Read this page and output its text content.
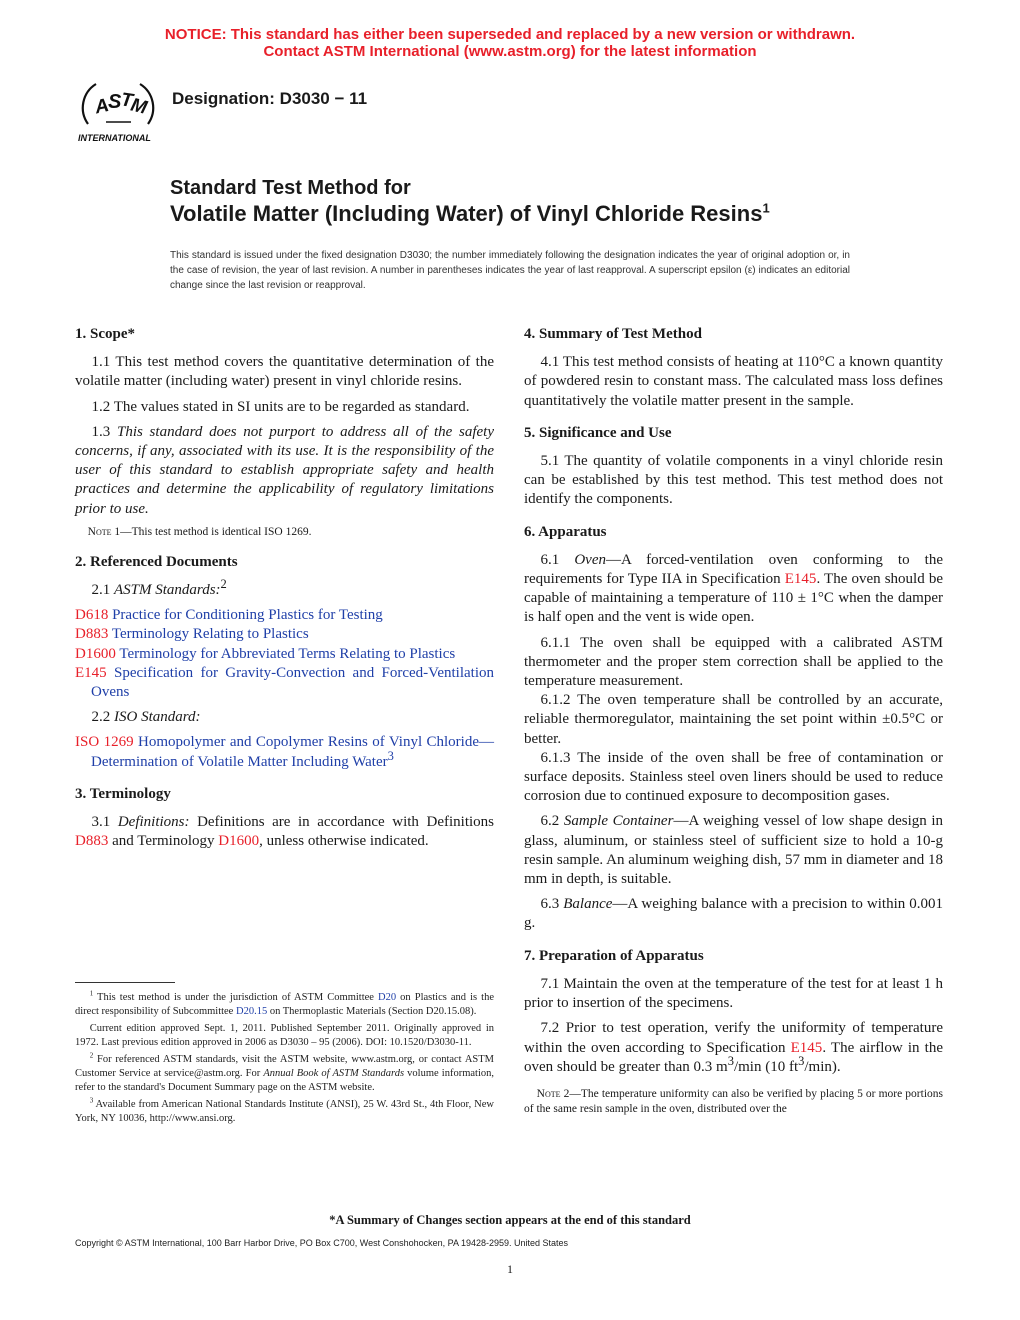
NOTICE: This standard has either been superseded and replaced by a new version or withdrawn.
Contact ASTM International (www.astm.org) for the latest information
A
S
T
M
INTERNATIONAL
Designation: D3030 − 11
Standard Test Method for
Volatile Matter (Including Water) of Vinyl Chloride Resins$^1$
This standard is issued under the fixed designation D3030; the number immediately following the designation indicates the year of original adoption or, in the case of revision, the year of last revision. A number in parentheses indicates the year of last reapproval. A superscript epsilon (ε) indicates an editorial change since the last revision or reapproval.

1. Scope*

1.1 This test method covers the quantitative determination of the volatile matter (including water) present in vinyl chloride resins.

1.2 The values stated in SI units are to be regarded as standard.

1.3 This standard does not purport to address all of the safety concerns, if any, associated with its use. It is the responsibility of the user of this standard to establish appropriate safety and health practices and determine the applicability of regulatory limitations prior to use.

Note 1—This test method is identical ISO 1269.

2. Referenced Documents

2.1 ASTM Standards:$^2$

D618 Practice for Conditioning Plastics for Testing

D883 Terminology Relating to Plastics

D1600 Terminology for Abbreviated Terms Relating to Plastics

E145 Specification for Gravity-Convection and Forced-Ventilation Ovens

2.2 ISO Standard:

ISO 1269 Homopolymer and Copolymer Resins of Vinyl Chloride—Determination of Volatile Matter Including Water$^3$

3. Terminology

3.1 Definitions: Definitions are in accordance with Definitions D883 and Terminology D1600, unless otherwise indicated.

$^1$ This test method is under the jurisdiction of ASTM Committee D20 on Plastics and is the direct responsibility of Subcommittee D20.15 on Thermoplastic Materials (Section D20.15.08).

Current edition approved Sept. 1, 2011. Published September 2011. Originally approved in 1972. Last previous edition approved in 2006 as D3030 – 95 (2006). DOI: 10.1520/D3030-11.

$^2$ For referenced ASTM standards, visit the ASTM website, www.astm.org, or contact ASTM Customer Service at service@astm.org. For Annual Book of ASTM Standards volume information, refer to the standard's Document Summary page on the ASTM website.

$^3$ Available from American National Standards Institute (ANSI), 25 W. 43rd St., 4th Floor, New York, NY 10036, http://www.ansi.org.

4. Summary of Test Method

4.1 This test method consists of heating at 110°C a known quantity of powdered resin to constant mass. The calculated mass loss defines quantitatively the volatile matter present in the sample.

5. Significance and Use

5.1 The quantity of volatile components in a vinyl chloride resin can be established by this test method. This test method does not identify the components.

6. Apparatus

6.1 Oven—A forced-ventilation oven conforming to the requirements for Type IIA in Specification E145. The oven should be capable of maintaining a temperature of 110 ± 1°C when the damper is half open and the vent is wide open.

6.1.1 The oven shall be equipped with a calibrated ASTM thermometer and the proper stem correction shall be applied to the temperature measurement.

6.1.2 The oven temperature shall be controlled by an accurate, reliable thermoregulator, maintaining the set point within ±0.5°C or better.

6.1.3 The inside of the oven shall be free of contamination or surface deposits. Stainless steel oven liners should be used to reduce corrosion due to continued exposure to decomposition gases.

6.2 Sample Container—A weighing vessel of low shape design in glass, aluminum, or stainless steel of sufficient size to hold a 10-g resin sample. An aluminum weighing dish, 57 mm in diameter and 18 mm in depth, is suitable.

6.3 Balance—A weighing balance with a precision to within 0.001 g.

7. Preparation of Apparatus

7.1 Maintain the oven at the temperature of the test for at least 1 h prior to insertion of the specimens.

7.2 Prior to test operation, verify the uniformity of temperature within the oven according to Specification E145. The airflow in the oven should be greater than 0.3 $m^3/\min$ (10 $ft^3/\min$).

Note 2—The temperature uniformity can also be verified by placing 5 or more portions of the same resin sample in the oven, distributed over the

*A Summary of Changes section appears at the end of this standard
Copyright © ASTM International, 100 Barr Harbor Drive, PO Box C700, West Conshohocken, PA 19428-2959. United States
1
